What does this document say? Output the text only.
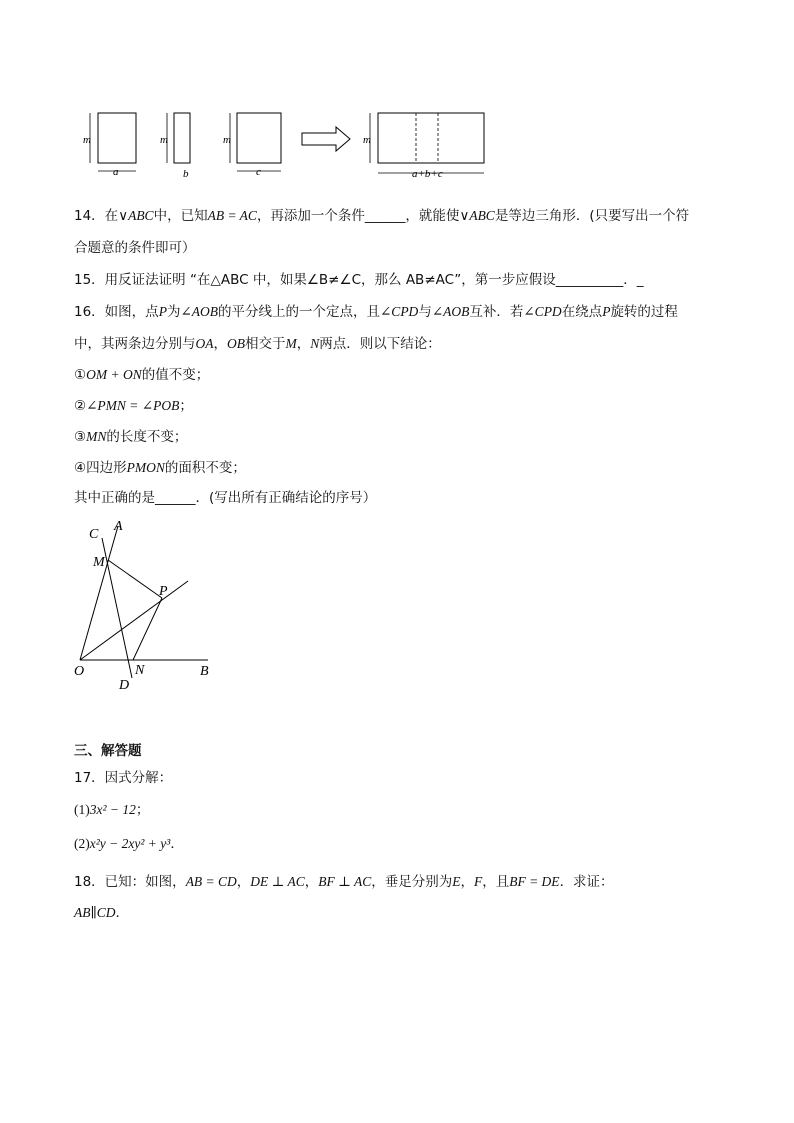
m
a
m
b
m
c
m
a+b+c
14．在∨ABC中，已知AB = AC，再添加一个条件______，就能使∨ABC是等边三角形．(只要写出一个符
合题意的条件即可）
15．用反证法证明 “在△ABC 中，如果∠B≠∠C，那么 AB≠AC”，第一步应假设__________．_
16．如图，点P为∠AOB的平分线上的一个定点，且∠CPD与∠AOB互补．若∠CPD在绕点P旋转的过程
中，其两条边分别与OA，OB相交于M，N两点．则以下结论：
①OM + ON的值不变；
②∠PMN = ∠POB；
③MN的长度不变；
④四边形PMON的面积不变；
其中正确的是______．(写出所有正确结论的序号）
C
A
M
P
O	N	B
D
三、解答题
17．因式分解：
(1)3x² − 12；
(2)x²y − 2xy² + y³．
18．已知：如图，AB = CD，DE ⊥ AC，BF ⊥ AC，垂足分别为E，F，且BF = DE．求证：
AB∥CD．
